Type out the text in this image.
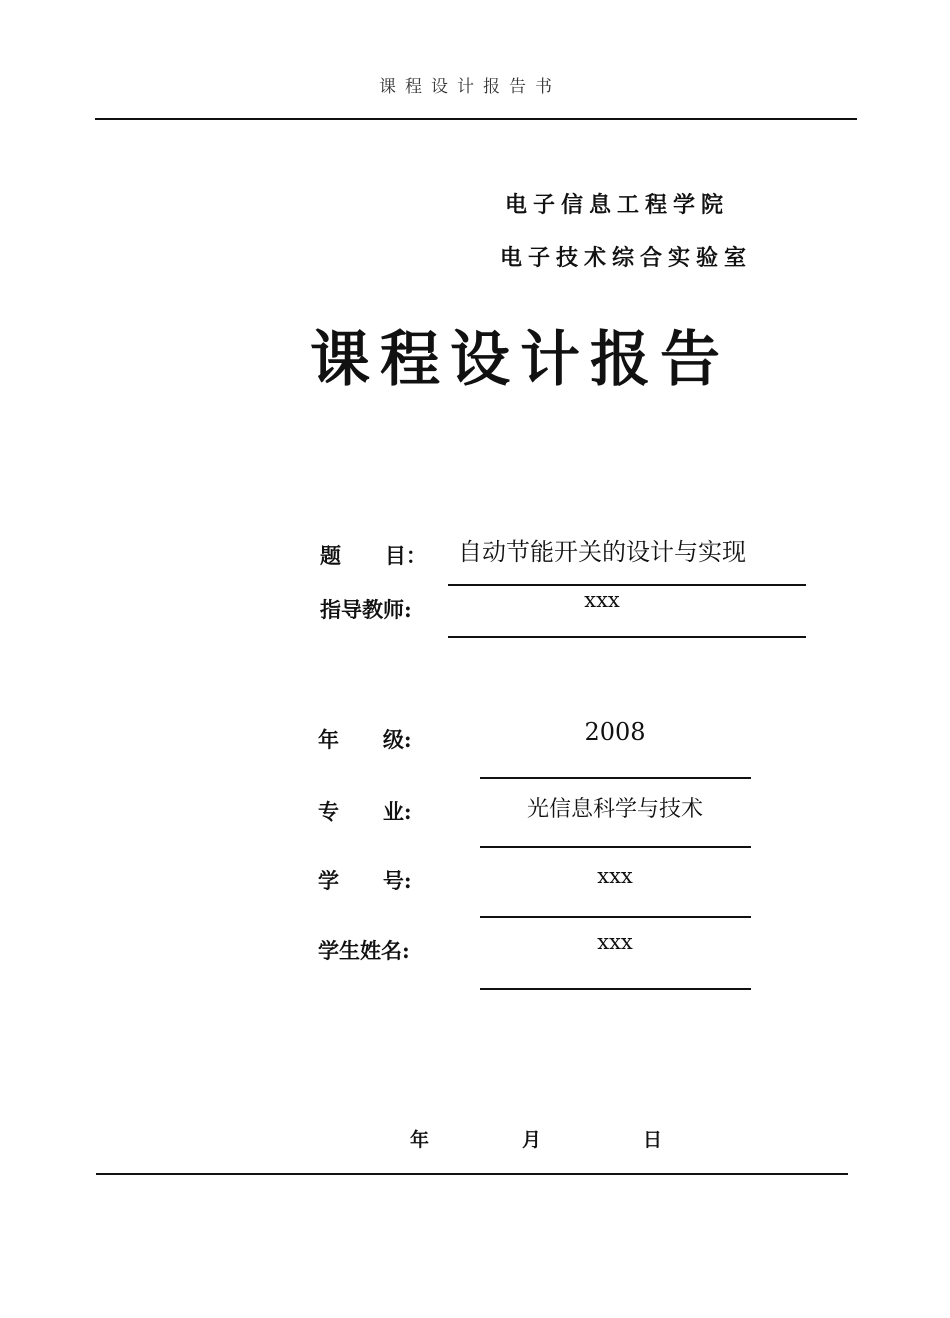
课程设计报告书
电子信息工程学院
电子技术综合实验室
课程设计报告
题      目： 自动节能开关的设计与实现
指导教师:	xxx
年      级:	2008
专      业:	光信息科学与技术
学      号:	xxx
学生姓名:	xxx
年	月	日
